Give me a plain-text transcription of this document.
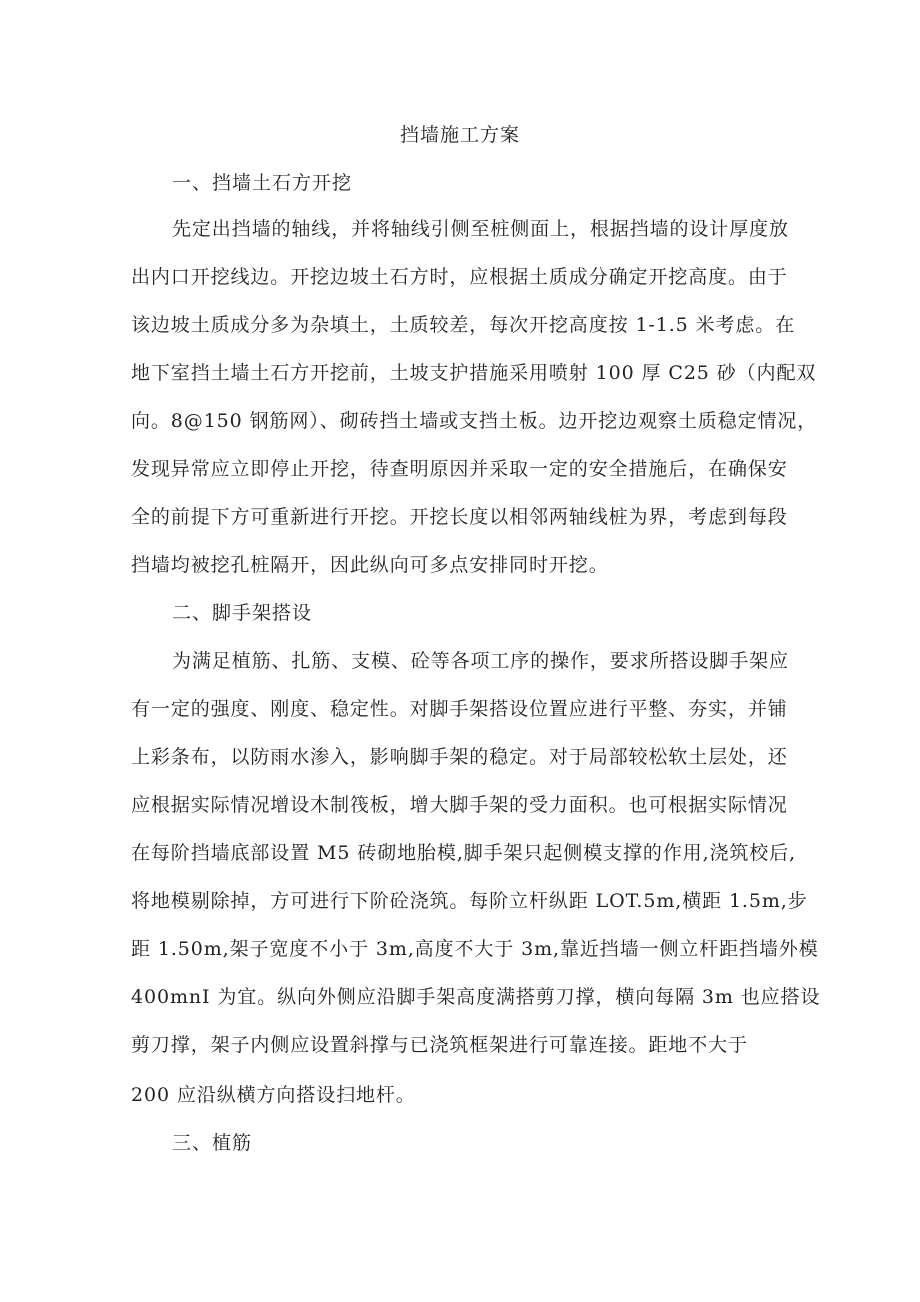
挡墙施工方案
一、挡墙土石方开挖
先定出挡墙的轴线，并将轴线引侧至桩侧面上，根据挡墙的设计厚度放
出内口开挖线边。开挖边坡土石方时，应根据土质成分确定开挖高度。由于
该边坡土质成分多为杂填土，土质较差，每次开挖高度按 1-1.5 米考虑。在
地下室挡土墙土石方开挖前，土坡支护措施采用喷射 100 厚 C25 砂（内配双
向。8@150 钢筋网）、砌砖挡土墙或支挡土板。边开挖边观察土质稳定情况，
发现异常应立即停止开挖，待查明原因并采取一定的安全措施后，在确保安
全的前提下方可重新进行开挖。开挖长度以相邻两轴线桩为界，考虑到每段
挡墙均被挖孔桩隔开，因此纵向可多点安排同时开挖。
二、脚手架搭设
为满足植筋、扎筋、支模、砼等各项工序的操作，要求所搭设脚手架应
有一定的强度、刚度、稳定性。对脚手架搭设位置应进行平整、夯实，并铺
上彩条布，以防雨水渗入，影响脚手架的稳定。对于局部较松软土层处，还
应根据实际情况增设木制筏板，增大脚手架的受力面积。也可根据实际情况
在每阶挡墙底部设置 M5 砖砌地胎模,脚手架只起侧模支撑的作用,浇筑校后,
将地模剔除掉，方可进行下阶砼浇筑。每阶立杆纵距 LOT.5m,横距 1.5m,步
距 1.50m,架子宽度不小于 3m,高度不大于 3m,靠近挡墙一侧立杆距挡墙外模
400mnI 为宜。纵向外侧应沿脚手架高度满搭剪刀撑，横向每隔 3m 也应搭设
剪刀撑，架子内侧应设置斜撑与已浇筑框架进行可靠连接。距地不大于
200 应沿纵横方向搭设扫地杆。
三、植筋
